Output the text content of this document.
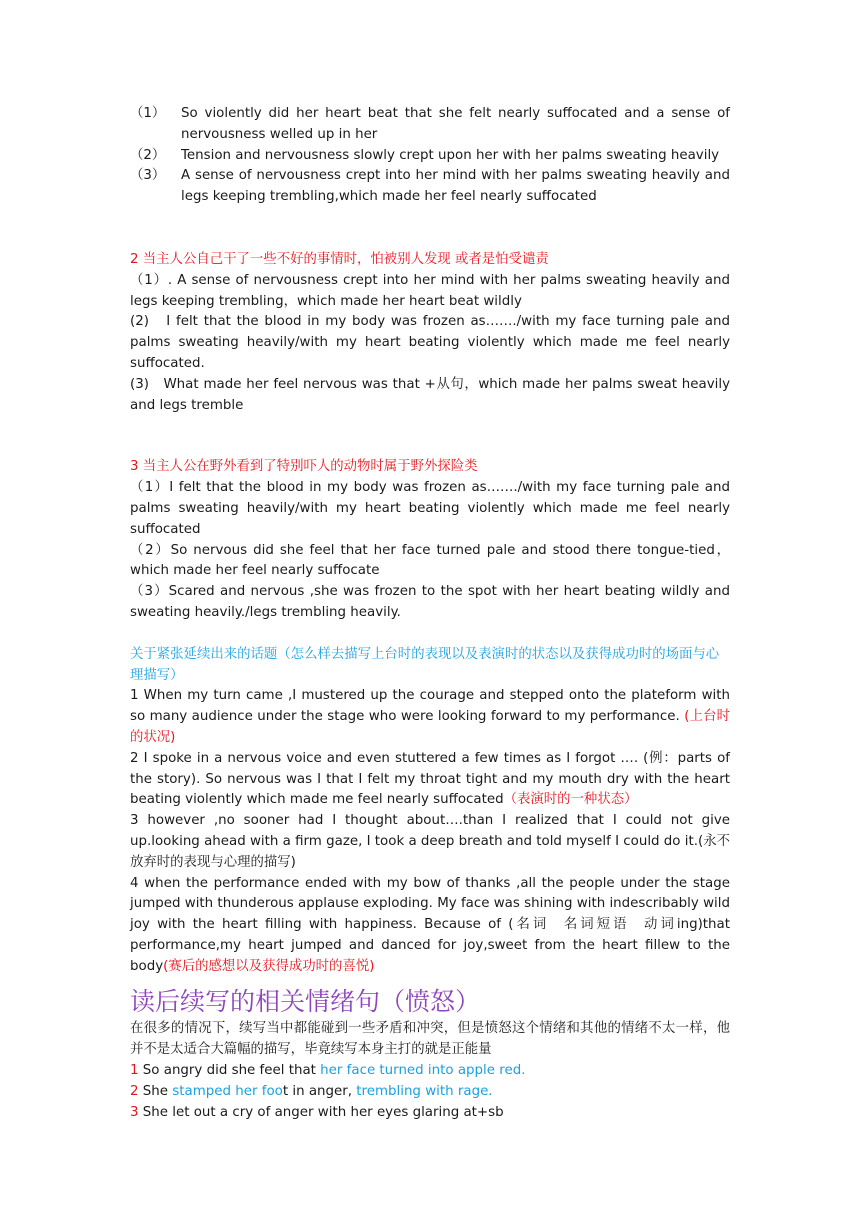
（1） So violently did her heart beat that she felt nearly suffocated and a sense of nervousness welled up in her
（2） Tension and nervousness slowly crept upon her with her palms sweating heavily
（3） A sense of nervousness crept into her mind with her palms sweating heavily and legs keeping trembling,which made her feel nearly suffocated
2 当主人公自己干了一些不好的事情时，怕被别人发现 或者是怕受谴责
（1）. A sense of nervousness crept into her mind with her palms sweating heavily and legs keeping trembling，which made her heart beat wildly
(2)   I felt that the blood in my body was frozen as……./with my face turning pale and palms sweating heavily/with my heart beating violently which made me feel nearly suffocated.
(3)   What made her feel nervous was that +从句，which made her palms sweat heavily and legs tremble
3 当主人公在野外看到了特别吓人的动物时属于野外探险类
（1）I felt that the blood in my body was frozen as……./with my face turning pale and palms sweating heavily/with my heart beating violently which made me feel nearly suffocated
（2）So nervous did she feel that her face turned pale and stood there tongue-tied，which made her feel nearly suffocate
（3）Scared and nervous ,she was frozen to the spot with her heart beating wildly and sweating heavily./legs trembling heavily.
关于紧张延续出来的话题（怎么样去描写上台时的表现以及表演时的状态以及获得成功时的场面与心理描写）
1 When my turn came ,I mustered up the courage and stepped onto the plateform with so many audience under the stage who were looking forward to my performance. (上台时的状况)
2 I spoke in a nervous voice and even stuttered a few times as I forgot …. (例：parts of the story). So nervous was I that I felt my throat tight and my mouth dry with the heart beating violently which made me feel nearly suffocated（表演时的一种状态）
3 however ,no sooner had I thought about….than I realized that I could not give up.looking ahead with a firm gaze, I took a deep breath and told myself I could do it.(永不放弃时的表现与心理的描写)
4 when the performance ended with my bow of thanks ,all the people under the stage jumped with thunderous applause exploding. My face was shining with indescribably wild joy with the heart filling with happiness. Because of (名词  名词短语  动词ing)that performance,my heart jumped and danced for joy,sweet from the heart fillew to the body(赛后的感想以及获得成功时的喜悦)
读后续写的相关情绪句（愤怒）
在很多的情况下，续写当中都能碰到一些矛盾和冲突，但是愤怒这个情绪和其他的情绪不太一样，他并不是太适合大篇幅的描写，毕竟续写本身主打的就是正能量
1 So angry did she feel that her face turned into apple red.
2 She stamped her foot in anger, trembling with rage.
3 She let out a cry of anger with her eyes glaring at+sb
